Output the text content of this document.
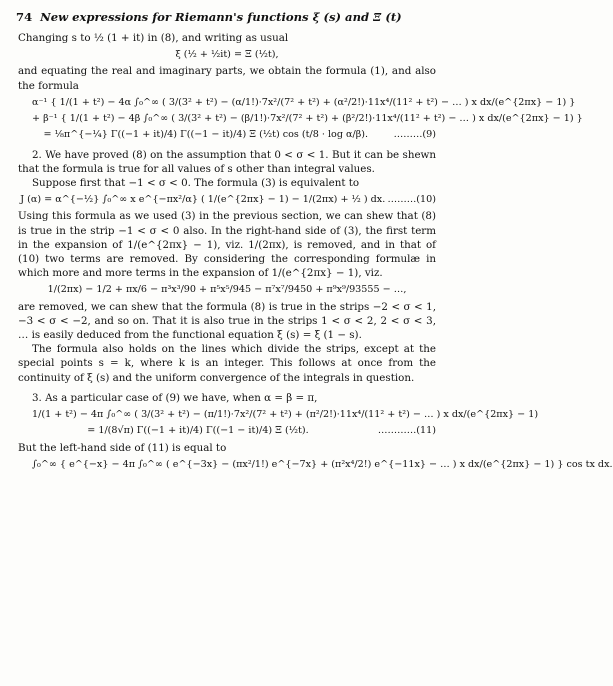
74 New expressions for Riemann's functions ξ (s) and Ξ (t)
Changing s to ½ (1 + it) in (8), and writing as usual
ξ (½ + ½it) = Ξ (½t),
and equating the real and imaginary parts, we obtain the formula (1), and also the formula
α⁻¹ { 1/(1 + t²) − 4α ∫₀^∞ ( 3/(3² + t²) − (α/1!)·7x²/(7² + t²) + (α²/2!)·11x⁴/(11² + t²) − … ) x dx/(e^{2πx} − 1) }
+ β⁻¹ { 1/(1 + t²) − 4β ∫₀^∞ ( 3/(3² + t²) − (β/1!)·7x²/(7² + t²) + (β²/2!)·11x⁴/(11² + t²) − … ) x dx/(e^{2πx} − 1) }
= ⅛π^{−¼} Γ((−1 + it)/4) Γ((−1 − it)/4) Ξ (½t) cos (t/8 · log α/β).	………(9)
2. We have proved (8) on the assumption that 0 < σ < 1. But it can be shewn that the formula is true for all values of s other than integral values.
Suppose first that −1 < σ < 0. The formula (3) is equivalent to
J (α) = α^{−½} ∫₀^∞ x e^{−πx²/α} ( 1/(e^{2πx} − 1) − 1/(2πx) + ½ ) dx. ………(10)
Using this formula as we used (3) in the previous section, we can shew that (8) is true in the strip −1 < σ < 0 also. In the right-hand side of (3), the first term in the expansion of 1/(e^{2πx} − 1), viz. 1/(2πx), is removed, and in that of (10) two terms are removed. By considering the corresponding formulæ in which more and more terms in the expansion of 1/(e^{2πx} − 1), viz.
1/(2πx) − 1/2 + πx/6 − π³x³/90 + π⁵x⁵/945 − π⁷x⁷/9450 + π⁹x⁹/93555 − …,
are removed, we can shew that the formula (8) is true in the strips −2 < σ < 1, −3 < σ < −2, and so on. That it is also true in the strips 1 < σ < 2, 2 < σ < 3, … is easily deduced from the functional equation ξ (s) = ξ (1 − s).
The formula also holds on the lines which divide the strips, except at the special points s = k, where k is an integer. This follows at once from the continuity of ξ (s) and the uniform convergence of the integrals in question.
3. As a particular case of (9) we have, when α = β = π,
1/(1 + t²) − 4π ∫₀^∞ ( 3/(3² + t²) − (π/1!)·7x²/(7² + t²) + (π²/2!)·11x⁴/(11² + t²) − … ) x dx/(e^{2πx} − 1)
= 1/(8√π) Γ((−1 + it)/4) Γ((−1 − it)/4) Ξ (½t).	…………(11)
But the left-hand side of (11) is equal to
∫₀^∞ { e^{−x} − 4π ∫₀^∞ ( e^{−3x} − (πx²/1!) e^{−7x} + (π²x⁴/2!) e^{−11x} − … ) x dx/(e^{2πx} − 1) } cos tx dx.
